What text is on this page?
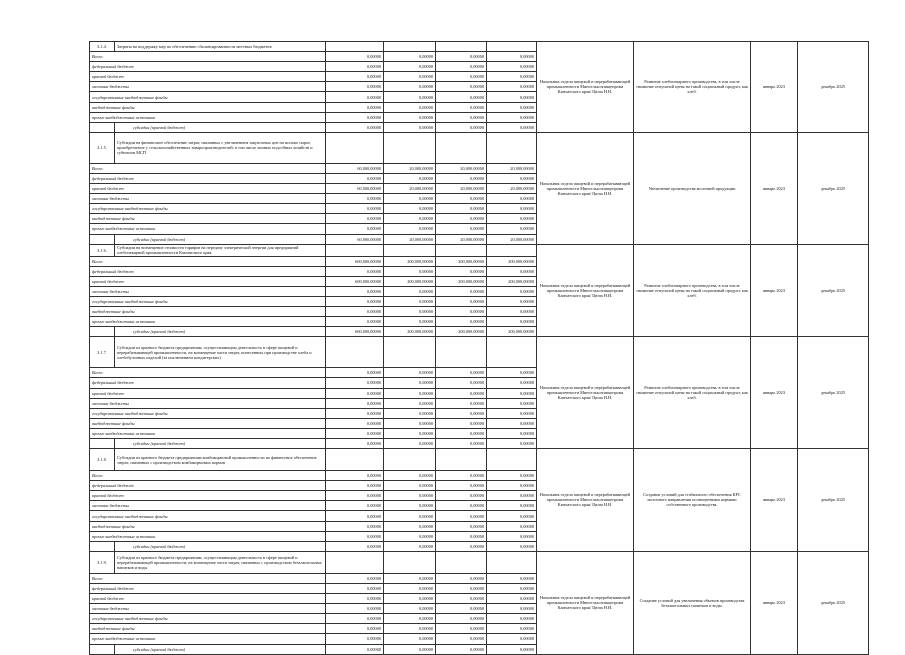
3.1.4.	Затраты на поддержку мер по обеспечению сбалансированности местных бюджетов					Начальник отдела пищевой и перерабатывающей промышленности Минсельхозпищепрома Камчатского края/ Цюпа Н.Н.	Развитие хлебопекарного производства, в том числе снижение отпускной цены на такой социальный продукт, как хлеб.	январь 2023	декабрь 2025
Всего:		0,00000	0,00000	0,00000	0,00000				
федеральный бюджет		0,00000	0,00000	0,00000	0,00000				
краевой бюджет		0,00000	0,00000	0,00000	0,00000				
местные бюджеты		0,00000	0,00000	0,00000	0,00000				
государственные внебюджетные фонды		0,00000	0,00000	0,00000	0,00000				
внебюджетные фонды		0,00000	0,00000	0,00000	0,00000				
прочие внебюджетные источники		0,00000	0,00000	0,00000	0,00000				
	субсидии (краевой бюджет)	0,00000	0,00000	0,00000	0,00000				
3.1.5.	Субсидии на финансовое обеспечение затрат, связанных с увеличением закупочных цен на молоко сырое, приобретаемое у сельскохозяйственных товаропроизводителей, в том числе личных подсобных хозяйств и субъектов МСП					Начальник отдела пищевой и перерабатывающей промышленности Минсельхозпищепрома Камчатского края/ Цюпа Н.Н.	Увеличение производства молочной продукции	январь 2023	декабрь 2025
Всего:		60,000,00000	20,000,00000	20,000,00000	20,000,00000				
федеральный бюджет		0,00000	0,00000	0,00000	0,00000				
краевой бюджет		60,000,00000	20,000,00000	20,000,00000	20,000,00000				
местные бюджеты		0,00000	0,00000	0,00000	0,00000				
государственные внебюджетные фонды		0,00000	0,00000	0,00000	0,00000				
внебюджетные фонды		0,00000	0,00000	0,00000	0,00000				
прочие внебюджетные источники		0,00000	0,00000	0,00000	0,00000				
	субсидии (краевой бюджет)	60,000,00000	20,000,00000	20,000,00000	20,000,00000				
3.1.6.	Субсидии на возмещение стоимости тарифов на передачу электрической энергии для предприятий хлебопекарной промышленности Камчатского края					Начальник отдела пищевой и перерабатывающей промышленности Минсельхозпищепрома Камчатского края/ Цюпа Н.Н.	Развитие хлебопекарного производства, в том числе снижение отпускной цены на такой социальный продукт, как хлеб.	январь 2023	декабрь 2025
Всего:		600,000,00000	200,000,00000	200,000,00000	200,000,00000				
федеральный бюджет		0,00000	0,00000	0,00000	0,00000				
краевой бюджет		600,000,00000	200,000,00000	200,000,00000	200,000,00000				
местные бюджеты		0,00000	0,00000	0,00000	0,00000				
государственные внебюджетные фонды		0,00000	0,00000	0,00000	0,00000				
внебюджетные фонды		0,00000	0,00000	0,00000	0,00000				
прочие внебюджетные источники		0,00000	0,00000	0,00000	0,00000				
	субсидии (краевой бюджет)	600,000,00000	200,000,00000	200,000,00000	200,000,00000				
3.1.7.	Субсидии из краевого бюджета предприятиям, осуществляющим деятельность в сфере пищевой и перерабатывающей промышленности, на возмещение части затрат, понесенных при производстве хлеба и хлебобулочных изделий (за исключением кондитерских)					Начальник отдела пищевой и перерабатывающей промышленности Минсельхозпищепрома Камчатского края/ Цюпа Н.Н.	Развитие хлебопекарного производства, в том числе снижение отпускной цены на такой социальный продукт, как хлеб.	январь 2023	декабрь 2025
Всего:		0,00000	0,00000	0,00000	0,00000				
федеральный бюджет		0,00000	0,00000	0,00000	0,00000				
краевой бюджет		0,00000	0,00000	0,00000	0,00000				
местные бюджеты		0,00000	0,00000	0,00000	0,00000				
государственные внебюджетные фонды		0,00000	0,00000	0,00000	0,00000				
внебюджетные фонды		0,00000	0,00000	0,00000	0,00000				
прочие внебюджетные источники		0,00000	0,00000	0,00000	0,00000				
	субсидии (краевой бюджет)	0,00000	0,00000	0,00000	0,00000				
3.1.8.	Субсидии из краевого бюджета предприятиям комбикормовой промышленности на финансовое обеспечение затрат, связанных с производством комбикормовых кормов					Начальник отдела пищевой и перерабатывающей промышленности Минсельхозпищепрома Камчатского края/ Цюпа Н.Н.	Создание условий для стабильного обеспечения КРС молочного направления полноценными кормами собственного производства.	январь 2023	декабрь 2025
Всего:		0,00000	0,00000	0,00000	0,00000				
федеральный бюджет		0,00000	0,00000	0,00000	0,00000				
краевой бюджет		0,00000	0,00000	0,00000	0,00000				
местные бюджеты		0,00000	0,00000	0,00000	0,00000				
государственные внебюджетные фонды		0,00000	0,00000	0,00000	0,00000				
внебюджетные фонды		0,00000	0,00000	0,00000	0,00000				
прочие внебюджетные источники		0,00000	0,00000	0,00000	0,00000				
	субсидии (краевой бюджет)	0,00000	0,00000	0,00000	0,00000				
3.1.9.	Субсидии из краевого бюджета предприятиям, осуществляющим деятельность в сфере пищевой и перерабатывающей промышленности, на возмещение части затрат, связанных с производством безалкогольных напитков и воды					Начальник отдела пищевой и перерабатывающей промышленности Минсельхозпищепрома Камчатского края/ Цюпа Н.Н.	Создание условий для увеличения объемов производства безалкогольных напитков и воды.	январь 2023	декабрь 2025
Всего:		0,00000	0,00000	0,00000	0,00000				
федеральный бюджет		0,00000	0,00000	0,00000	0,00000				
краевой бюджет		0,00000	0,00000	0,00000	0,00000				
местные бюджеты		0,00000	0,00000	0,00000	0,00000				
государственные внебюджетные фонды		0,00000	0,00000	0,00000	0,00000				
внебюджетные фонды		0,00000	0,00000	0,00000	0,00000				
прочие внебюджетные источники		0,00000	0,00000	0,00000	0,00000				
	субсидии (краевой бюджет)	0,00000	0,00000	0,00000	0,00000				
